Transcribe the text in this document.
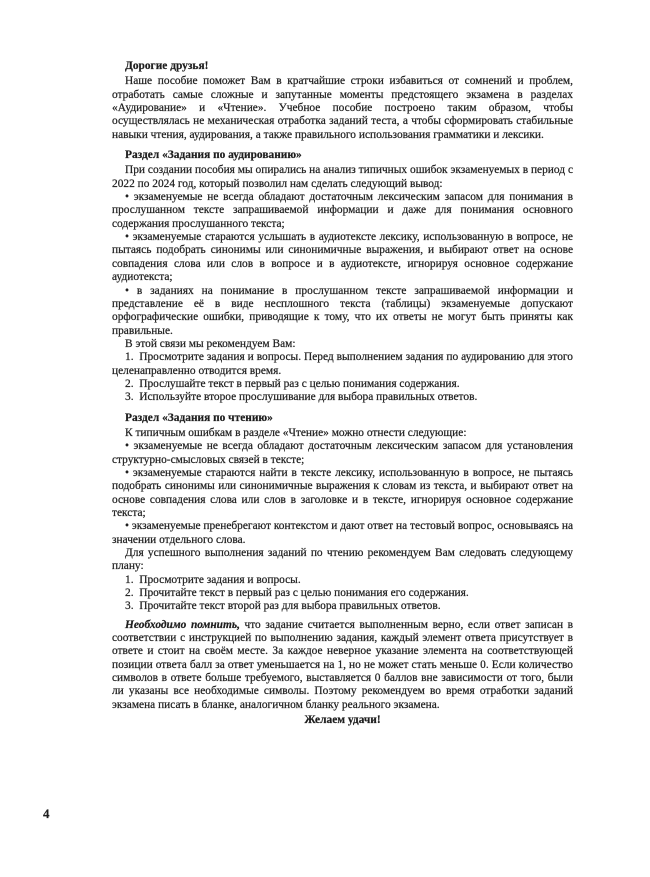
Дорогие друзья!

Наше пособие поможет Вам в кратчайшие строки избавиться от сомнений и проблем, отработать самые сложные и запутанные моменты предстоящего экзамена в разделах «Аудирование» и «Чтение». Учебное пособие построено таким образом, чтобы осуществлялась не механическая отработка заданий теста, а чтобы сформировать стабильные навыки чтения, аудирования, а также правильного использования грамматики и лексики.

Раздел «Задания по аудированию»

При создании пособия мы опирались на анализ типичных ошибок экзаменуемых в период с 2022 по 2024 год, который позволил нам сделать следующий вывод:

• экзаменуемые не всегда обладают достаточным лексическим запасом для понимания в прослушанном тексте запрашиваемой информации и даже для понимания основного содержания прослушанного текста;

• экзаменуемые стараются услышать в аудиотексте лексику, использованную в вопросе, не пытаясь подобрать синонимы или синонимичные выражения, и выбирают ответ на основе совпадения слова или слов в вопросе и в аудиотексте, игнорируя основное содержание аудиотекста;

• в заданиях на понимание в прослушанном тексте запрашиваемой информации и представление её в виде несплошного текста (таблицы) экзаменуемые допускают орфографические ошибки, приводящие к тому, что их ответы не могут быть приняты как правильные.

В этой связи мы рекомендуем Вам:

1. Просмотрите задания и вопросы. Перед выполнением задания по аудированию для этого целенаправленно отводится время.

2. Прослушайте текст в первый раз с целью понимания содержания.

3. Используйте второе прослушивание для выбора правильных ответов.

Раздел «Задания по чтению»

К типичным ошибкам в разделе «Чтение» можно отнести следующие:

• экзаменуемые не всегда обладают достаточным лексическим запасом для установления структурно-смысловых связей в тексте;

• экзаменуемые стараются найти в тексте лексику, использованную в вопросе, не пытаясь подобрать синонимы или синонимичные выражения к словам из текста, и выбирают ответ на основе совпадения слова или слов в заголовке и в тексте, игнорируя основное содержание текста;

• экзаменуемые пренебрегают контекстом и дают ответ на тестовый вопрос, основываясь на значении отдельного слова.

Для успешного выполнения заданий по чтению рекомендуем Вам следовать следующему плану:

1. Просмотрите задания и вопросы.

2. Прочитайте текст в первый раз с целью понимания его содержания.

3. Прочитайте текст второй раз для выбора правильных ответов.

Необходимо помнить, что задание считается выполненным верно, если ответ записан в соответствии с инструкцией по выполнению задания, каждый элемент ответа присутствует в ответе и стоит на своём месте. За каждое неверное указание элемента на соответствующей позиции ответа балл за ответ уменьшается на 1, но не может стать меньше 0. Если количество символов в ответе больше требуемого, выставляется 0 баллов вне зависимости от того, были ли указаны все необходимые символы. Поэтому рекомендуем во время отработки заданий экзамена писать в бланке, аналогичном бланку реального экзамена.

Желаем удачи!

4
